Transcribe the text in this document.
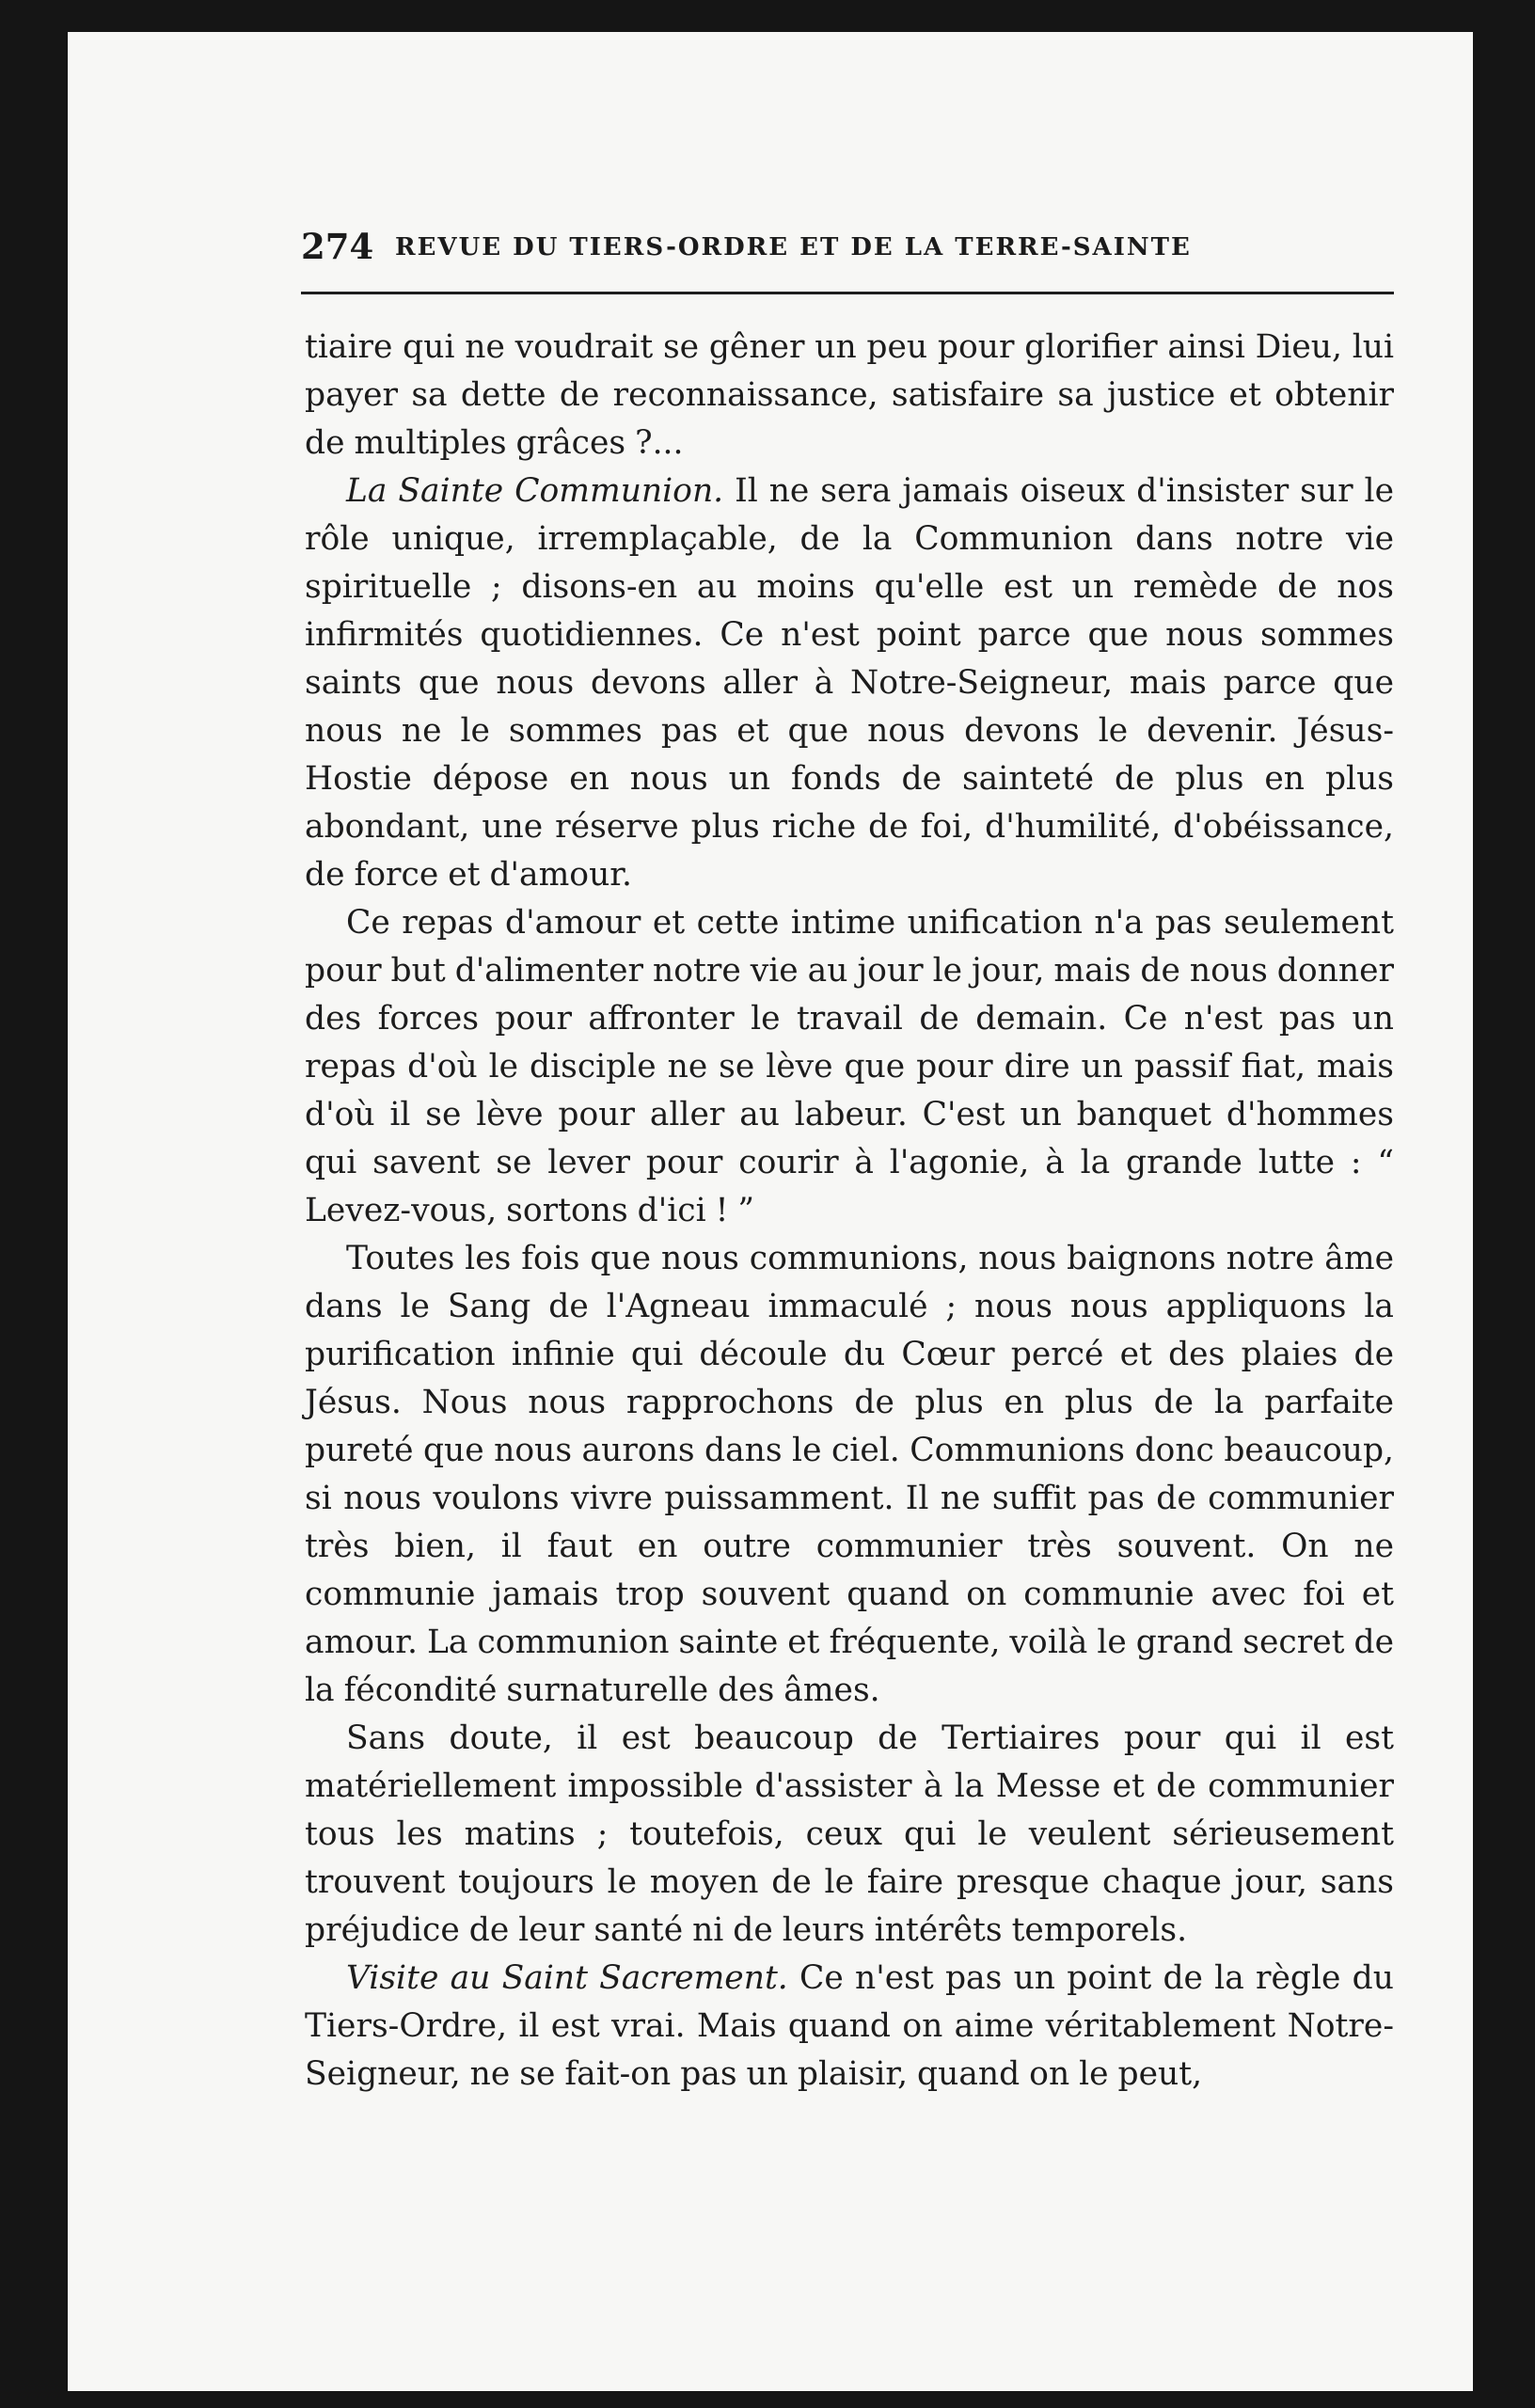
274 REVUE DU TIERS-ORDRE ET DE LA TERRE-SAINTE

tiaire qui ne voudrait se gêner un peu pour glorifier ainsi Dieu, lui payer sa dette de reconnaissance, satisfaire sa justice et obtenir de multiples grâces ?...

La Sainte Communion. Il ne sera jamais oiseux d'insister sur le rôle unique, irremplaçable, de la Communion dans notre vie spirituelle ; disons-en au moins qu'elle est un remède de nos infirmités quotidiennes. Ce n'est point parce que nous sommes saints que nous devons aller à Notre-Seigneur, mais parce que nous ne le sommes pas et que nous devons le devenir. Jésus-Hostie dépose en nous un fonds de sainteté de plus en plus abondant, une réserve plus riche de foi, d'humilité, d'obéissance, de force et d'amour.

Ce repas d'amour et cette intime unification n'a pas seulement pour but d'alimenter notre vie au jour le jour, mais de nous donner des forces pour affronter le travail de demain. Ce n'est pas un repas d'où le disciple ne se lève que pour dire un passif fiat, mais d'où il se lève pour aller au labeur. C'est un banquet d'hommes qui savent se lever pour courir à l'agonie, à la grande lutte : “ Levez-vous, sortons d'ici ! ”

Toutes les fois que nous communions, nous baignons notre âme dans le Sang de l'Agneau immaculé ; nous nous appliquons la purification infinie qui découle du Cœur percé et des plaies de Jésus. Nous nous rapprochons de plus en plus de la parfaite pureté que nous aurons dans le ciel. Communions donc beaucoup, si nous voulons vivre puissamment. Il ne suffit pas de communier très bien, il faut en outre communier très souvent. On ne communie jamais trop souvent quand on communie avec foi et amour. La communion sainte et fréquente, voilà le grand secret de la fécondité surnaturelle des âmes.

Sans doute, il est beaucoup de Tertiaires pour qui il est matériellement impossible d'assister à la Messe et de communier tous les matins ; toutefois, ceux qui le veulent sérieusement trouvent toujours le moyen de le faire presque chaque jour, sans préjudice de leur santé ni de leurs intérêts temporels.

Visite au Saint Sacrement. Ce n'est pas un point de la règle du Tiers-Ordre, il est vrai. Mais quand on aime véritablement Notre-Seigneur, ne se fait-on pas un plaisir, quand on le peut,
